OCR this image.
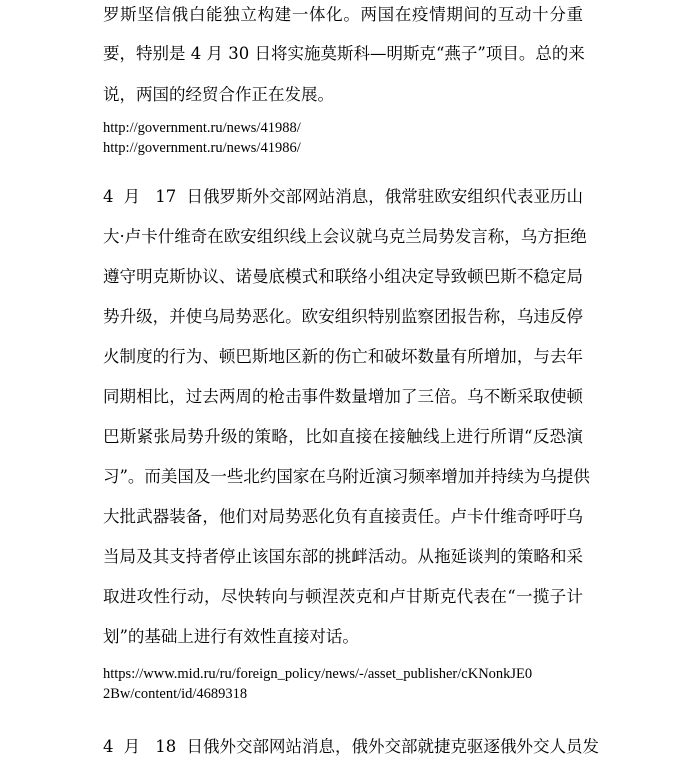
罗斯坚信俄白能独立构建一体化。两国在疫情期间的互动十分重
要，特别是 4 月 30 日将实施莫斯科—明斯克“燕子”项目。总的来
说，两国的经贸合作正在发展。
http://government.ru/news/41988/
http://government.ru/news/41986/
4 月 17 日俄罗斯外交部网站消息，俄常驻欧安组织代表亚历山
大·卢卡什维奇在欧安组织线上会议就乌克兰局势发言称，乌方拒绝
遵守明克斯协议、诺曼底模式和联络小组决定导致顿巴斯不稳定局
势升级，并使乌局势恶化。欧安组织特别监察团报告称，乌违反停
火制度的行为、顿巴斯地区新的伤亡和破坏数量有所增加，与去年
同期相比，过去两周的枪击事件数量增加了三倍。乌不断采取使顿
巴斯紧张局势升级的策略，比如直接在接触线上进行所谓“反恐演
习”。而美国及一些北约国家在乌附近演习频率增加并持续为乌提供
大批武器装备，他们对局势恶化负有直接责任。卢卡什维奇呼吁乌
当局及其支持者停止该国东部的挑衅活动。从拖延谈判的策略和采
取进攻性行动，尽快转向与顿涅茨克和卢甘斯克代表在“一揽子计
划”的基础上进行有效性直接对话。
https://www.mid.ru/ru/foreign_policy/news/-/asset_publisher/cKNonkJE0
2Bw/content/id/4689318
4 月 18 日俄外交部网站消息，俄外交部就捷克驱逐俄外交人员发
